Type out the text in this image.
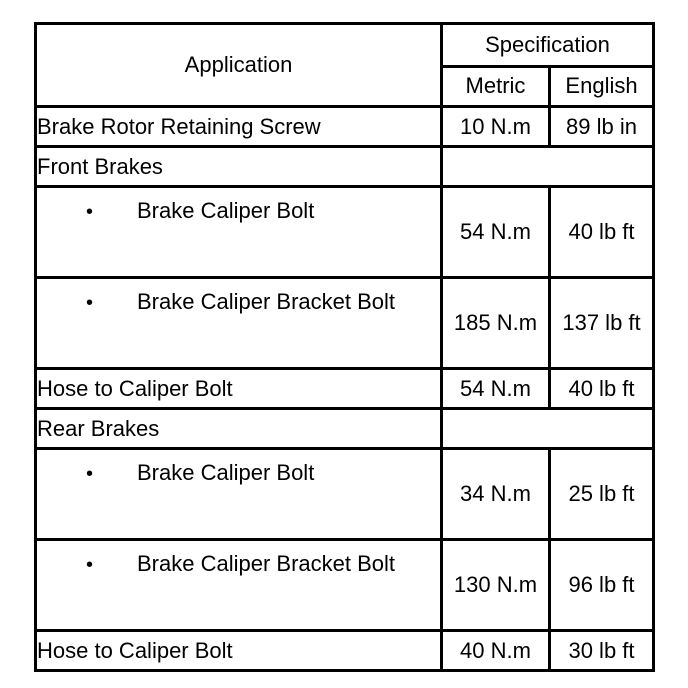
Application	Specification	
	Metric	English
Brake Rotor Retaining Screw	10 N.m	89 lb in
Front Brakes		
• Brake Caliper Bolt	54 N.m	40 lb ft
• Brake Caliper Bracket Bolt	185 N.m	137 lb ft
Hose to Caliper Bolt	54 N.m	40 lb ft
Rear Brakes		
• Brake Caliper Bolt	34 N.m	25 lb ft
• Brake Caliper Bracket Bolt	130 N.m	96 lb ft
Hose to Caliper Bolt	40 N.m	30 lb ft
